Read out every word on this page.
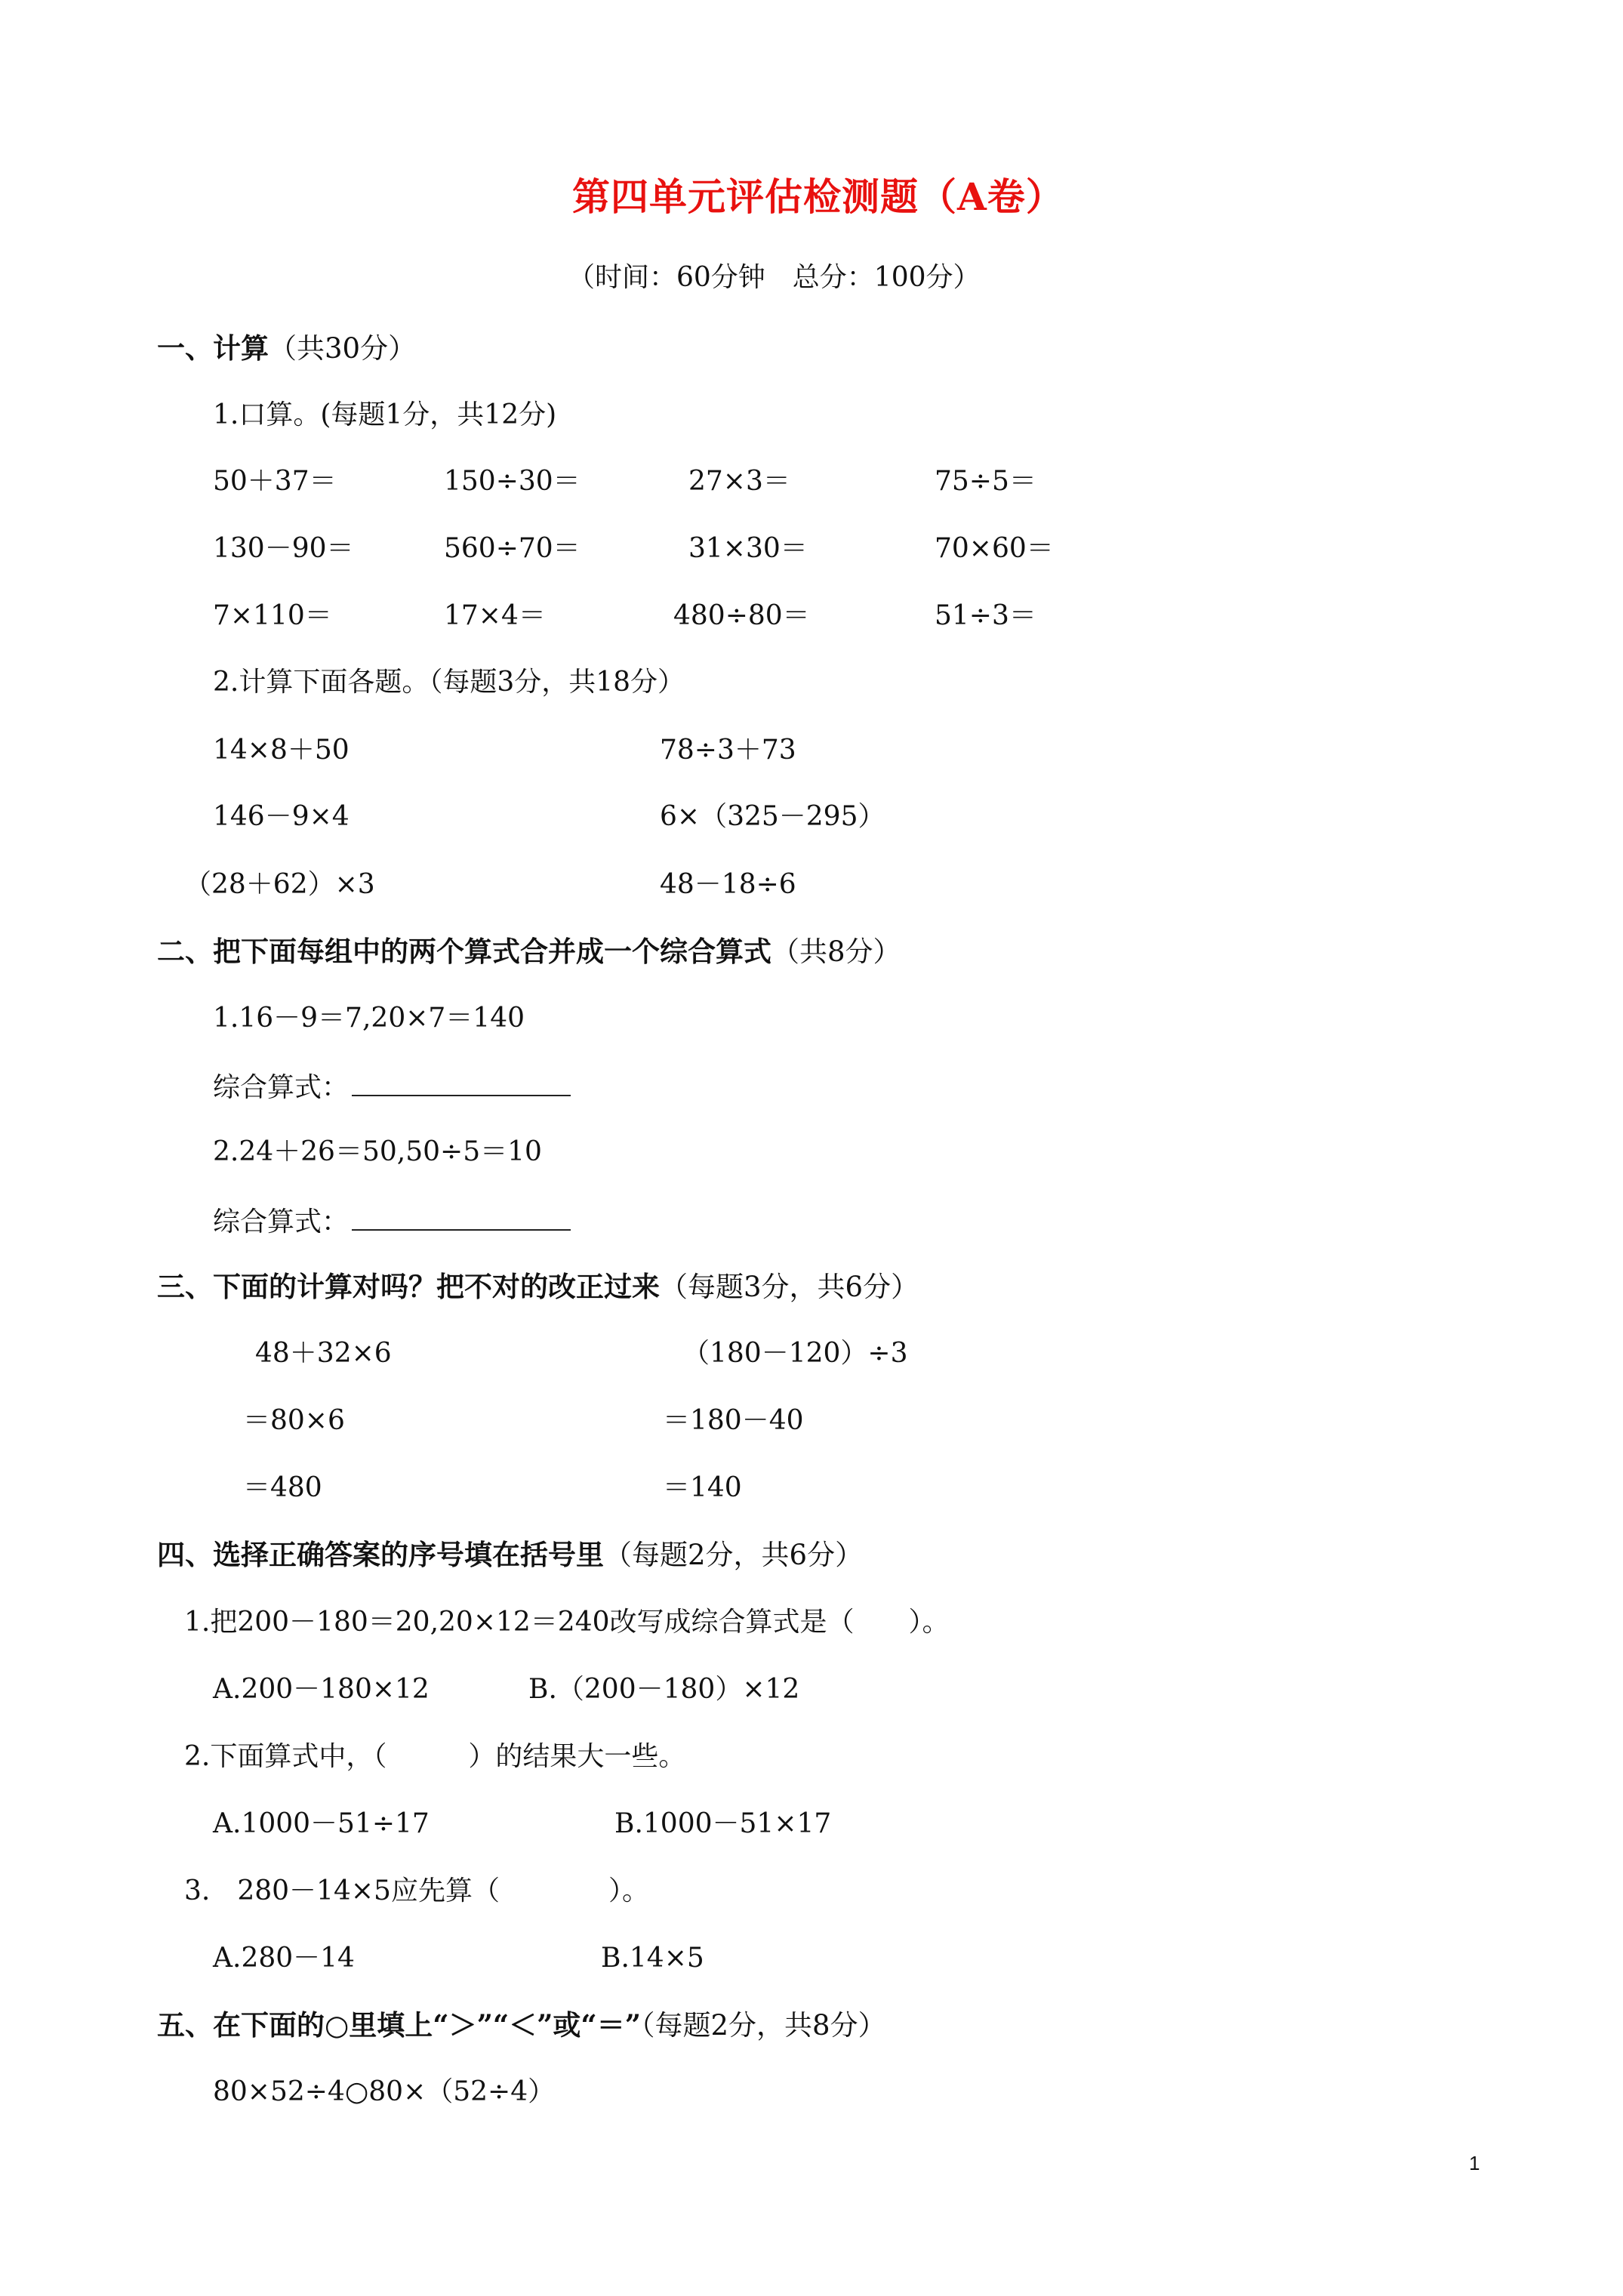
第四单元评估检测题（A卷）
（时间：60分钟　总分：100分）
一、计算（共30分）
1.口算。(每题1分，共12分)
50＋37＝	150÷30＝	27×3＝	75÷5＝
130－90＝	560÷70＝	31×30＝	70×60＝
7×110＝	17×4＝	480÷80＝	51÷3＝
2.计算下面各题。（每题3分，共18分）
14×8＋50	78÷3＋73
146－9×4	6×（325－295）
（28＋62）×3	48－18÷6
二、把下面每组中的两个算式合并成一个综合算式（共8分）
1.16－9＝7,20×7＝140
综合算式：
2.24＋26＝50,50÷5＝10
综合算式：
三、下面的计算对吗？把不对的改正过来（每题3分，共6分）
48＋32×6
＝80×6
＝480
（180－120）÷3
＝180－40
＝140
四、选择正确答案的序号填在括号里（每题2分，共6分）
1.把200－180＝20,20×12＝240改写成综合算式是（　　）。
A.200－180×12	B.（200－180）×12
2.下面算式中，（　　　）的结果大一些。
A.1000－51÷17	B.1000－51×17
3.　280－14×5应先算（　　　　）。
A.280－14	B.14×5
五、在下面的○里填上“＞”“＜”或“＝”（每题2分，共8分）
80×52÷4○80×（52÷4）
1
